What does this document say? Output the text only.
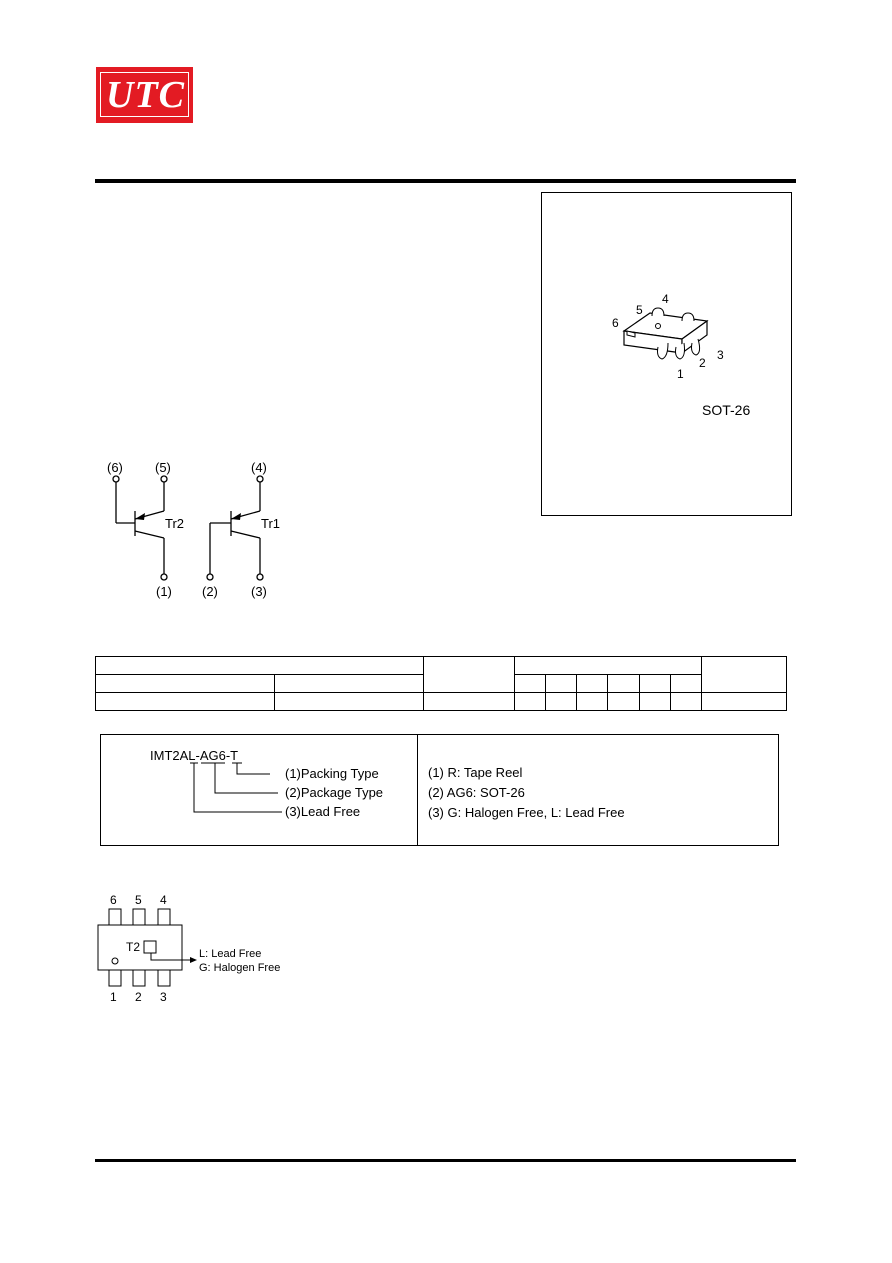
UTC
6
5
4
1
2
3
SOT-26
(6) (5)	(4)
(1) (2)	(3)
Tr2	Tr1

IMT2AL-AG6-T
(1)Packing Type
(2)Package Type
(3)Lead Free
(1) R: Tape Reel
(2) AG6: SOT-26
(3) G: Halogen Free, L: Lead Free
6 5 4
T2
1 2 3
L: Lead Free
G: Halogen Free
